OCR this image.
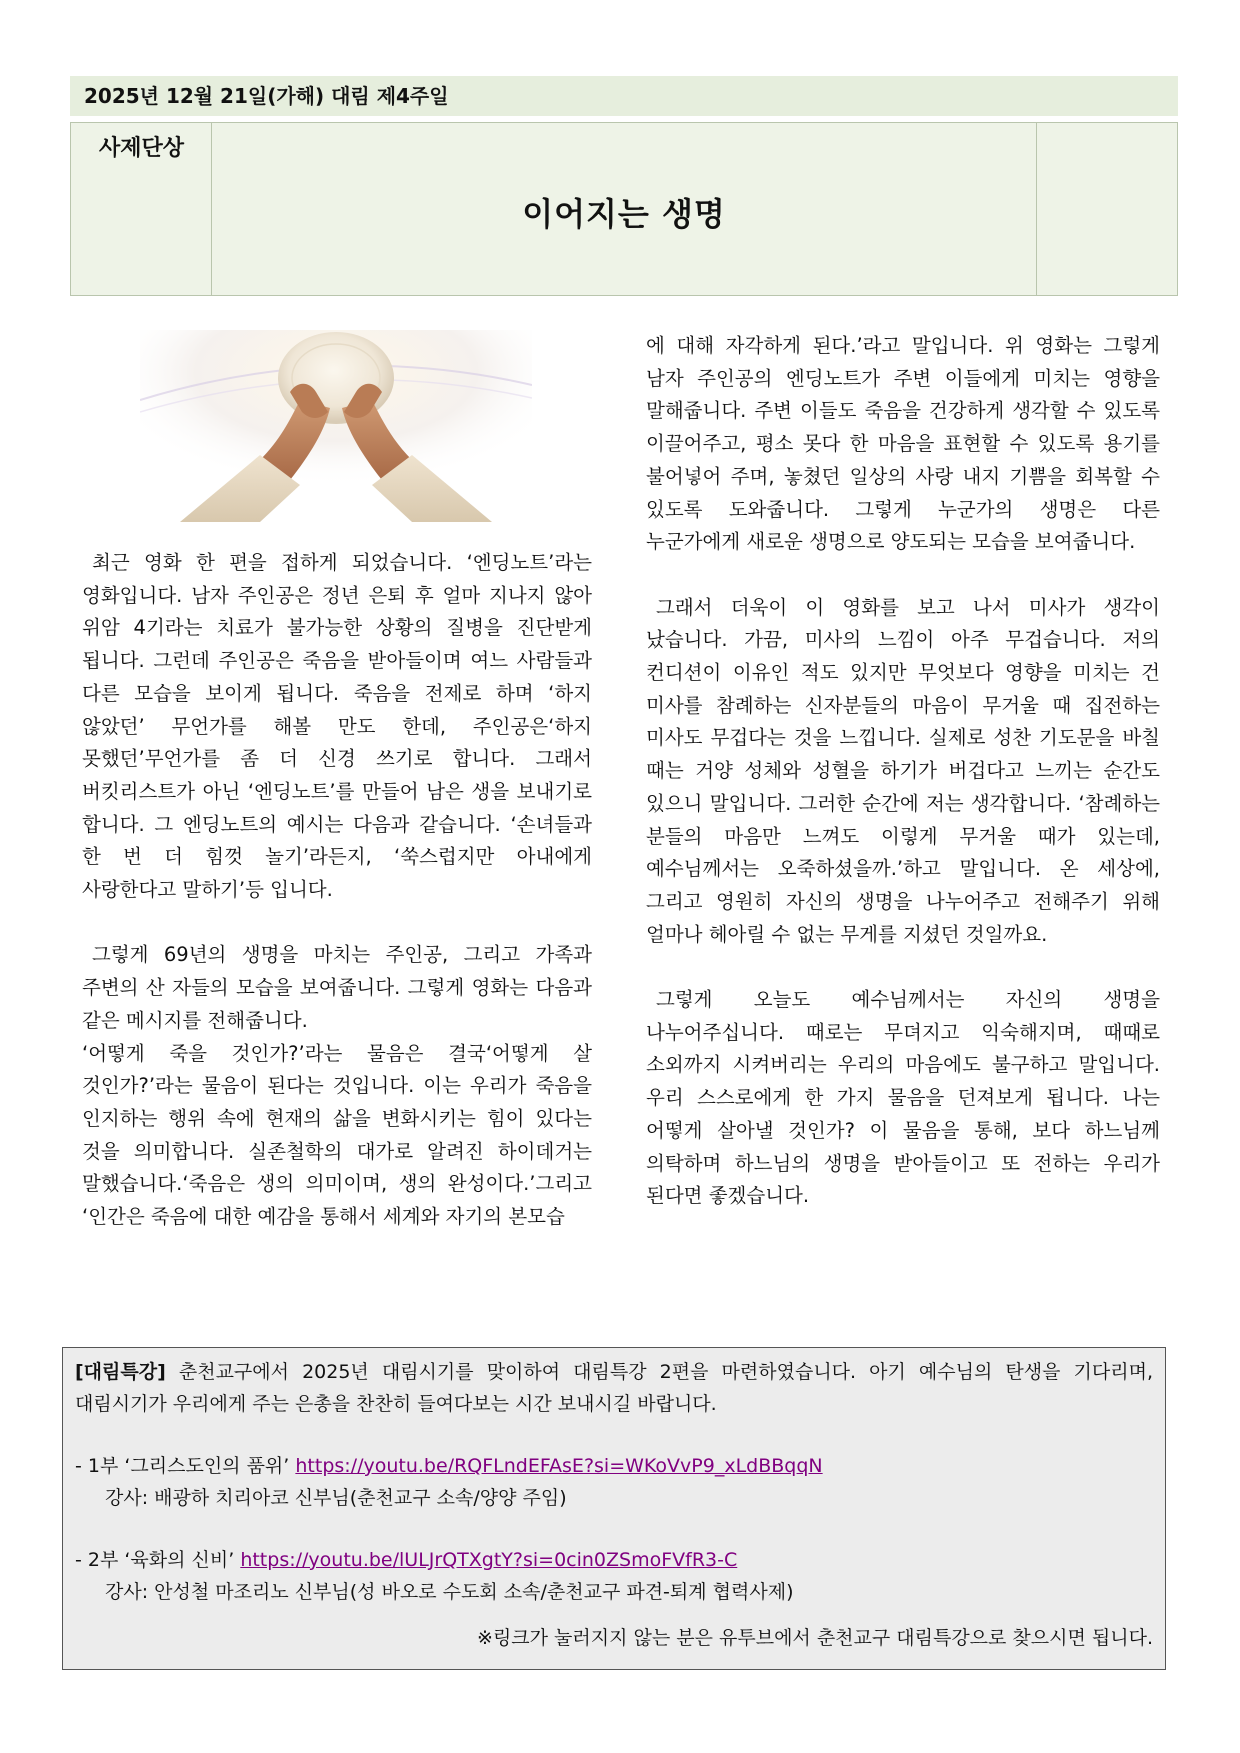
2025년 12월 21일(가해) 대림 제4주일
사제단상
이어지는 생명

최근 영화 한 편을 접하게 되었습니다. ‘엔딩노트’라는 영화입니다. 남자 주인공은 정년 은퇴 후 얼마 지나지 않아 위암 4기라는 치료가 불가능한 상황의 질병을 진단받게 됩니다. 그런데 주인공은 죽음을 받아들이며 여느 사람들과 다른 모습을 보이게 됩니다. 죽음을 전제로 하며 ‘하지 않았던’ 무언가를 해볼 만도 한데, 주인공은‘하지 못했던’무언가를 좀 더 신경 쓰기로 합니다. 그래서 버킷리스트가 아닌 ‘엔딩노트’를 만들어 남은 생을 보내기로 합니다. 그 엔딩노트의 예시는 다음과 같습니다. ‘손녀들과 한 번 더 힘껏 놀기’라든지, ‘쑥스럽지만 아내에게 사랑한다고 말하기’등 입니다.

그렇게 69년의 생명을 마치는 주인공, 그리고 가족과 주변의 산 자들의 모습을 보여줍니다. 그렇게 영화는 다음과 같은 메시지를 전해줍니다.

‘어떻게 죽을 것인가?’라는 물음은 결국‘어떻게 살 것인가?’라는 물음이 된다는 것입니다. 이는 우리가 죽음을 인지하는 행위 속에 현재의 삶을 변화시키는 힘이 있다는 것을 의미합니다. 실존철학의 대가로 알려진 하이데거는 말했습니다.‘죽음은 생의 의미이며, 생의 완성이다.’그리고 ‘인간은 죽음에 대한 예감을 통해서 세계와 자기의 본모습

에 대해 자각하게 된다.’라고 말입니다. 위 영화는 그렇게 남자 주인공의 엔딩노트가 주변 이들에게 미치는 영향을 말해줍니다. 주변 이들도 죽음을 건강하게 생각할 수 있도록 이끌어주고, 평소 못다 한 마음을 표현할 수 있도록 용기를 불어넣어 주며, 놓쳤던 일상의 사랑 내지 기쁨을 회복할 수 있도록 도와줍니다. 그렇게 누군가의 생명은 다른 누군가에게 새로운 생명으로 양도되는 모습을 보여줍니다.

그래서 더욱이 이 영화를 보고 나서 미사가 생각이 났습니다. 가끔, 미사의 느낌이 아주 무겁습니다. 저의 컨디션이 이유인 적도 있지만 무엇보다 영향을 미치는 건 미사를 참례하는 신자분들의 마음이 무거울 때 집전하는 미사도 무겁다는 것을 느낍니다. 실제로 성찬 기도문을 바칠 때는 거양 성체와 성혈을 하기가 버겁다고 느끼는 순간도 있으니 말입니다. 그러한 순간에 저는 생각합니다. ‘참례하는 분들의 마음만 느껴도 이렇게 무거울 때가 있는데, 예수님께서는 오죽하셨을까.’하고 말입니다. 온 세상에, 그리고 영원히 자신의 생명을 나누어주고 전해주기 위해 얼마나 헤아릴 수 없는 무게를 지셨던 것일까요.

그렇게 오늘도 예수님께서는 자신의 생명을 나누어주십니다. 때로는 무뎌지고 익숙해지며, 때때로 소외까지 시켜버리는 우리의 마음에도 불구하고 말입니다. 우리 스스로에게 한 가지 물음을 던져보게 됩니다. 나는 어떻게 살아낼 것인가? 이 물음을 통해, 보다 하느님께 의탁하며 하느님의 생명을 받아들이고 또 전하는 우리가 된다면 좋겠습니다.

[대림특강] 춘천교구에서 2025년 대림시기를 맞이하여 대림특강 2편을 마련하였습니다. 아기 예수님의 탄생을 기다리며, 대림시기가 우리에게 주는 은총을 찬찬히 들여다보는 시간 보내시길 바랍니다.

- 1부 ‘그리스도인의 품위’ https://youtu.be/RQFLndEFAsE?si=WKoVvP9_xLdBBqqN

강사: 배광하 치리아코 신부님(춘천교구 소속/양양 주임)

- 2부 ‘육화의 신비’ https://youtu.be/lULJrQTXgtY?si=0cin0ZSmoFVfR3-C

강사: 안성철 마조리노 신부님(성 바오로 수도회 소속/춘천교구 파견-퇴계 협력사제)

※링크가 눌러지지 않는 분은 유투브에서 춘천교구 대림특강으로 찾으시면 됩니다.
